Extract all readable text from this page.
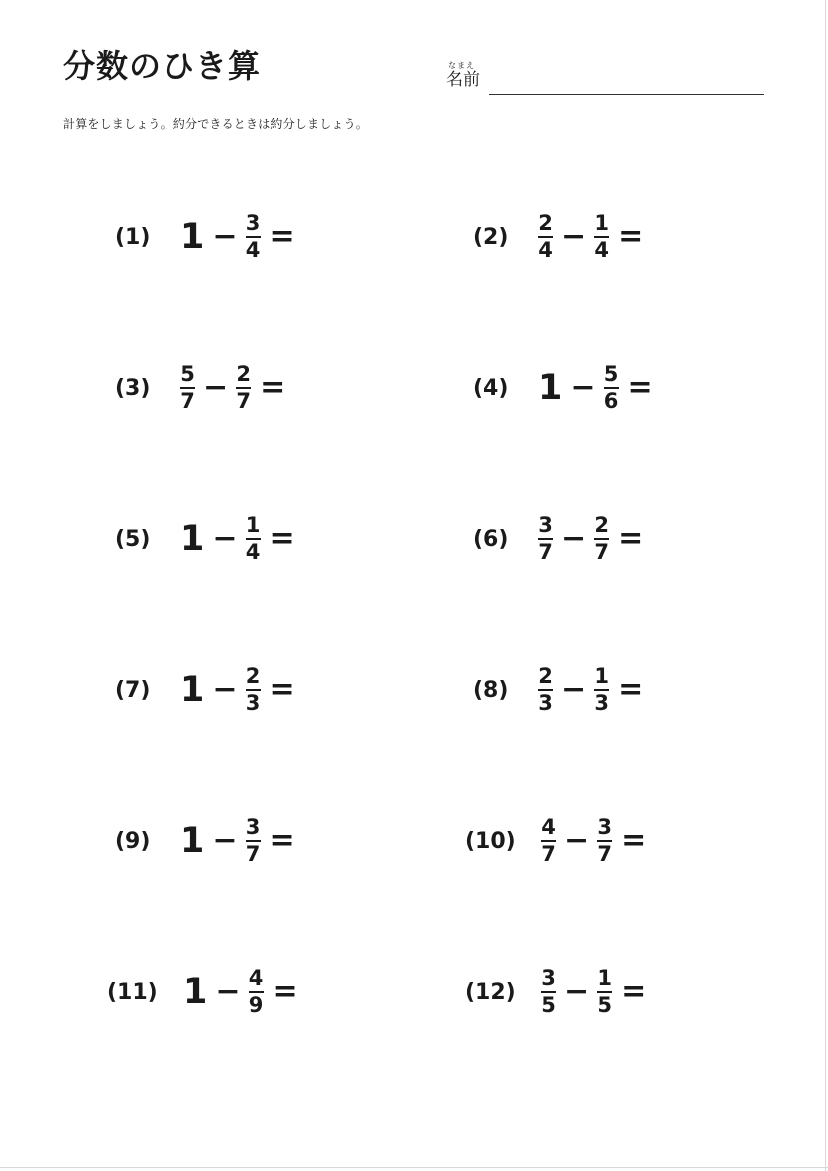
分数のひき算	なまえ
名前
計算をしましょう。約分できるときは約分しましょう。
(1) $1 - \frac{3}{4}$ =	(2)	$\frac{2}{4} - \frac{1}{4}$ =
(3)	$\frac{5}{7} - \frac{2}{7}$ =	(4) $1 - \frac{5}{6}$ =
(5) $1 - \frac{1}{4}$ =	(6)	$\frac{3}{7} - \frac{2}{7}$ =
(7) $1 - \frac{2}{3}$ =	(8)	$\frac{2}{3} - \frac{1}{3}$ =
(9) $1 - \frac{3}{7}$ =	(10)	$\frac{4}{7} - \frac{3}{7}$ =
(11) $1 - \frac{4}{9}$ =	(12)	$\frac{3}{5} - \frac{1}{5}$ =
